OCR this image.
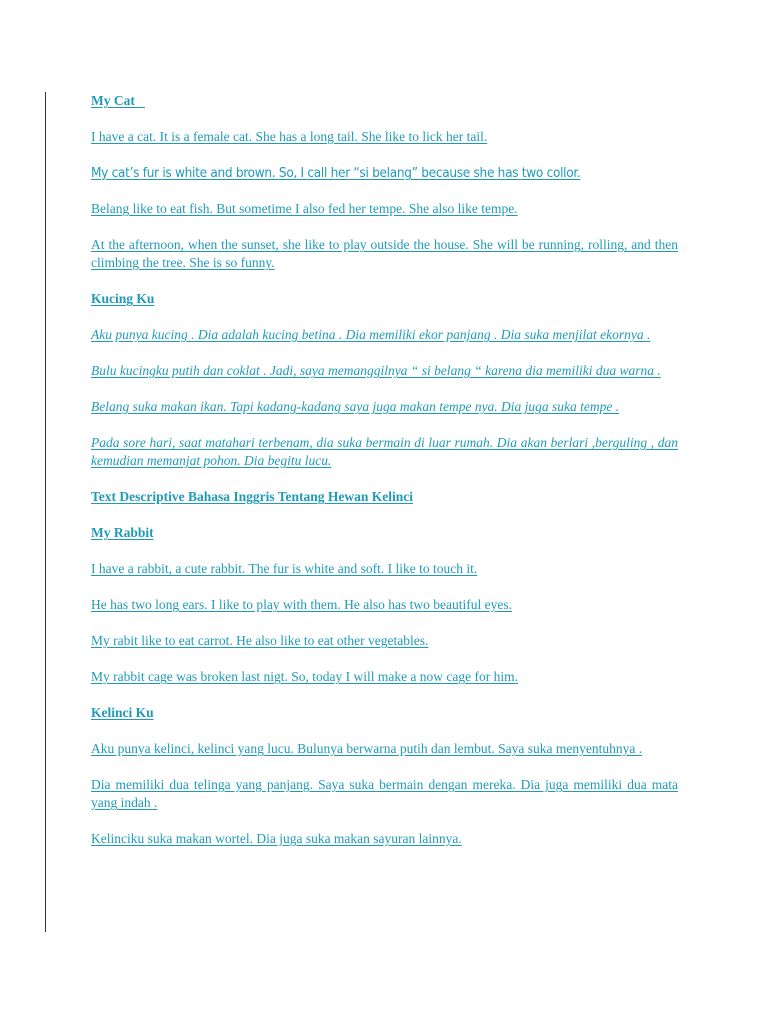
My Cat

I have a cat. It is a female cat. She has a long tail. She like to lick her tail.

My cat’s fur is white and brown. So, I call her “si belang” because she has two collor.

Belang like to eat fish. But sometime I also fed her tempe. She also like tempe.

At the afternoon, when the sunset, she like to play outside the house. She will be running, rolling, and then climbing the tree. She is so funny.

Kucing Ku

Aku punya kucing . Dia adalah kucing betina . Dia memiliki ekor panjang . Dia suka menjilat ekornya .

Bulu kucingku putih dan coklat . Jadi, saya memanggilnya “ si belang “ karena dia memiliki dua warna .

Belang suka makan ikan. Tapi kadang-kadang saya juga makan tempe nya. Dia juga suka tempe .

Pada sore hari, saat matahari terbenam, dia suka bermain di luar rumah. Dia akan berlari ,berguling , dan kemudian memanjat pohon. Dia begitu lucu.

Text Descriptive Bahasa Inggris Tentang Hewan Kelinci

My Rabbit

I have a rabbit, a cute rabbit. The fur is white and soft. I like to touch it.

He has two long ears. I like to play with them. He also has two beautiful eyes.

My rabit like to eat carrot. He also like to eat other vegetables.

My rabbit cage was broken last nigt. So, today I will make a now cage for him.

Kelinci Ku

Aku punya kelinci, kelinci yang lucu. Bulunya berwarna putih dan lembut. Saya suka menyentuhnya .

Dia memiliki dua telinga yang panjang. Saya suka bermain dengan mereka. Dia juga memiliki dua mata yang indah .

Kelinciku suka makan wortel. Dia juga suka makan sayuran lainnya.
